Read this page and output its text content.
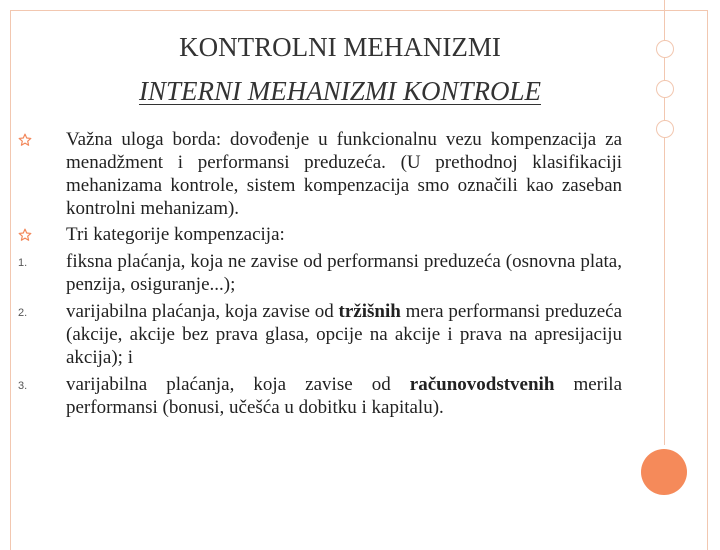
KONTROLNI MEHANIZMI
INTERNI MEHANIZMI KONTROLE

Važna uloga borda: dovođenje u funkcionalnu vezu kompenzacija za menadžment i performansi preduzeća. (U prethodnoj klasifikaciji mehanizama kontrole, sistem kompenzacija smo označili kao zaseban kontrolni mehanizam).

Tri kategorije kompenzacija:

1.	fiksna plaćanja, koja ne zavise od performansi preduzeća (osnovna plata, penzija, osiguranje...);

2.	varijabilna plaćanja, koja zavise od tržišnih mera performansi preduzeća (akcije, akcije bez prava glasa, opcije na akcije i prava na apresijaciju akcija); i

3.	varijabilna plaćanja, koja zavise od računovodstvenih merila performansi (bonusi, učešća u dobitku i kapitalu).
